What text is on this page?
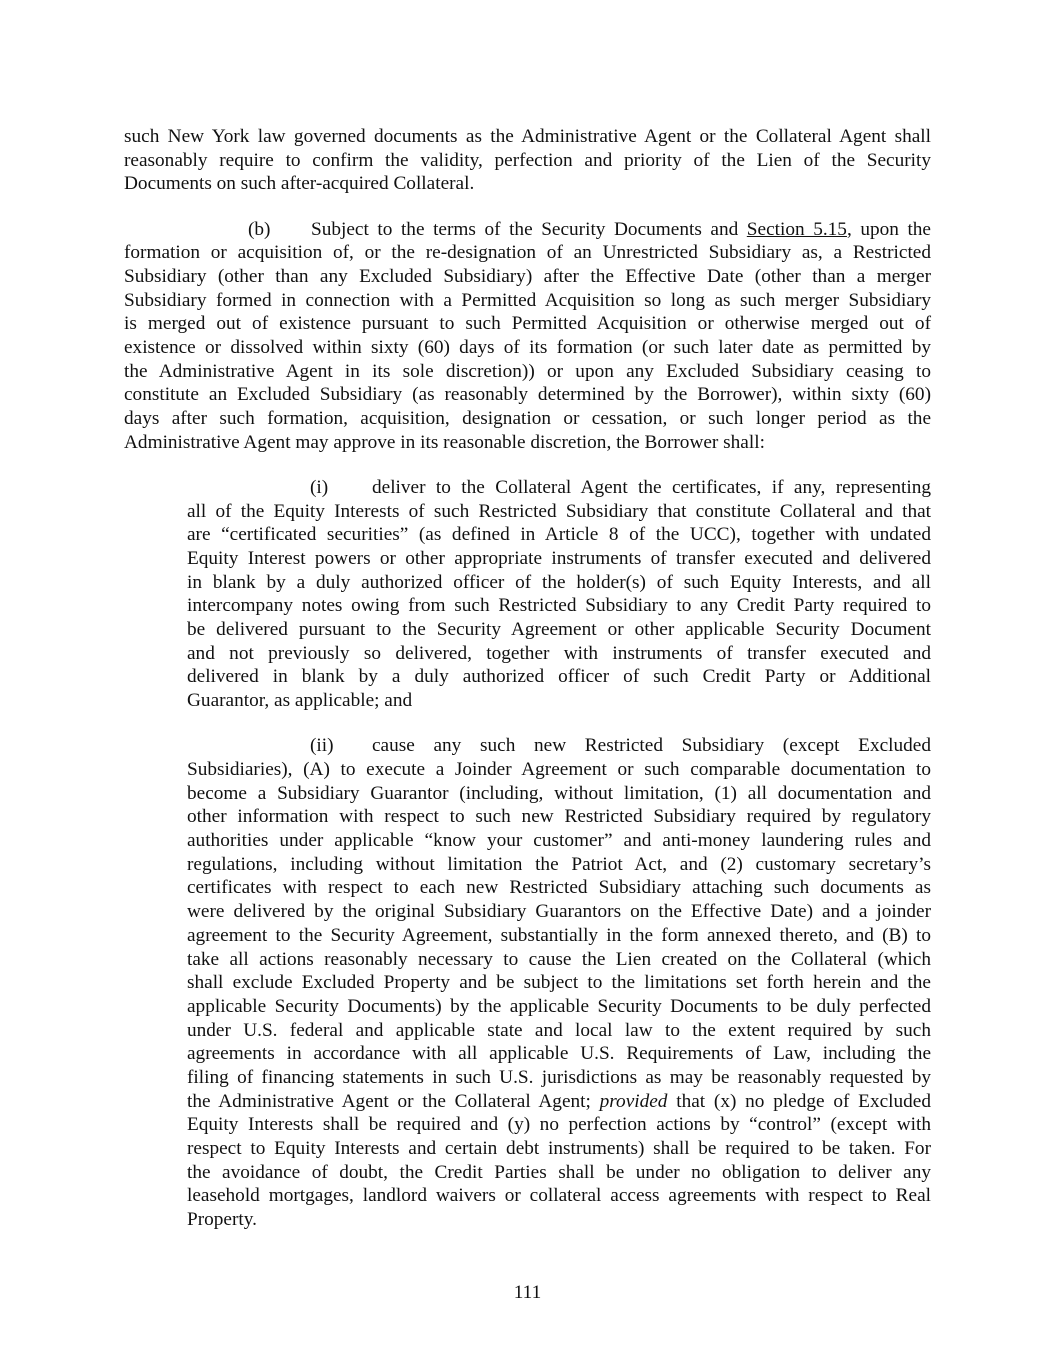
such New York law governed documents as the Administrative Agent or the Collateral Agent shall
reasonably require to confirm the validity, perfection and priority of the Lien of the Security
Documents on such after-acquired Collateral.
(b)	Subject to the terms of the Security Documents and Section 5.15, upon the
formation or acquisition of, or the re-designation of an Unrestricted Subsidiary as, a Restricted
Subsidiary (other than any Excluded Subsidiary) after the Effective Date (other than a merger
Subsidiary formed in connection with a Permitted Acquisition so long as such merger Subsidiary
is merged out of existence pursuant to such Permitted Acquisition or otherwise merged out of
existence or dissolved within sixty (60) days of its formation (or such later date as permitted by
the Administrative Agent in its sole discretion)) or upon any Excluded Subsidiary ceasing to
constitute an Excluded Subsidiary (as reasonably determined by the Borrower), within sixty (60)
days after such formation, acquisition, designation or cessation, or such longer period as the
Administrative Agent may approve in its reasonable discretion, the Borrower shall:
(i)	deliver to the Collateral Agent the certificates, if any, representing
all of the Equity Interests of such Restricted Subsidiary that constitute Collateral and that
are “certificated securities” (as defined in Article 8 of the UCC), together with undated
Equity Interest powers or other appropriate instruments of transfer executed and delivered
in blank by a duly authorized officer of the holder(s) of such Equity Interests, and all
intercompany notes owing from such Restricted Subsidiary to any Credit Party required to
be delivered pursuant to the Security Agreement or other applicable Security Document
and not previously so delivered, together with instruments of transfer executed and
delivered in blank by a duly authorized officer of such Credit Party or Additional
Guarantor, as applicable; and
(ii)	cause any such new Restricted Subsidiary (except Excluded
Subsidiaries), (A) to execute a Joinder Agreement or such comparable documentation to
become a Subsidiary Guarantor (including, without limitation, (1) all documentation and
other information with respect to such new Restricted Subsidiary required by regulatory
authorities under applicable “know your customer” and anti-money laundering rules and
regulations, including without limitation the Patriot Act, and (2) customary secretary’s
certificates with respect to each new Restricted Subsidiary attaching such documents as
were delivered by the original Subsidiary Guarantors on the Effective Date) and a joinder
agreement to the Security Agreement, substantially in the form annexed thereto, and (B) to
take all actions reasonably necessary to cause the Lien created on the Collateral (which
shall exclude Excluded Property and be subject to the limitations set forth herein and the
applicable Security Documents) by the applicable Security Documents to be duly perfected
under U.S. federal and applicable state and local law to the extent required by such
agreements in accordance with all applicable U.S. Requirements of Law, including the
filing of financing statements in such U.S. jurisdictions as may be reasonably requested by
the Administrative Agent or the Collateral Agent; provided that (x) no pledge of Excluded
Equity Interests shall be required and (y) no perfection actions by “control” (except with
respect to Equity Interests and certain debt instruments) shall be required to be taken. For
the avoidance of doubt, the Credit Parties shall be under no obligation to deliver any
leasehold mortgages, landlord waivers or collateral access agreements with respect to Real
Property.
111
